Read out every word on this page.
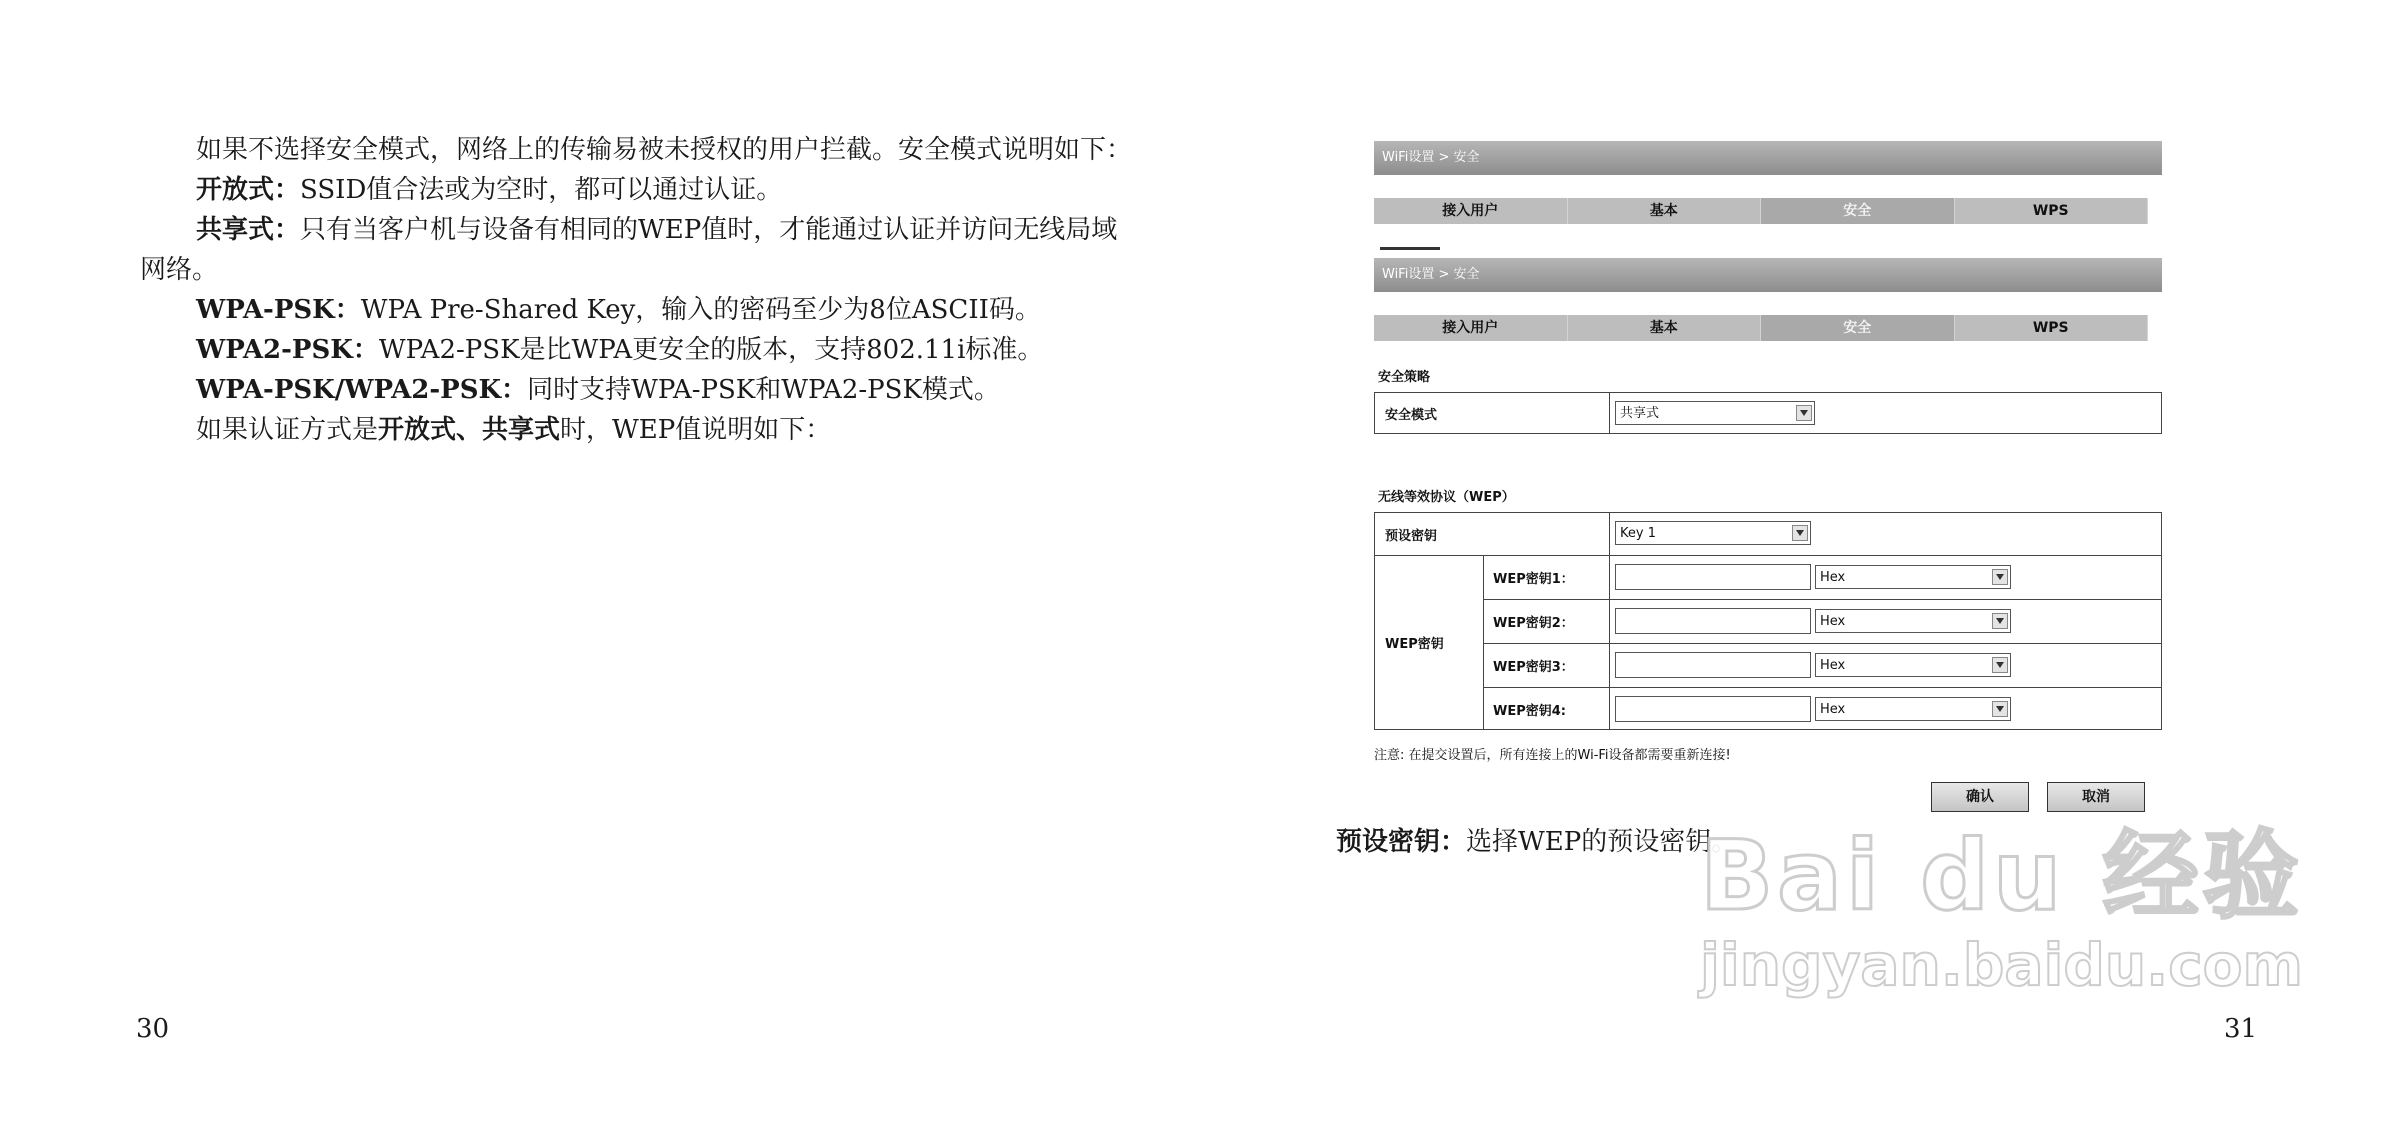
如果不选择安全模式，网络上的传输易被未授权的用户拦截。安全模式说明如下：

开放式：SSID值合法或为空时，都可以通过认证。

共享式：只有当客户机与设备有相同的WEP值时，才能通过认证并访问无线局域网络。

WPA-PSK：WPA Pre-Shared Key，输入的密码至少为8位ASCII码。

WPA2-PSK：WPA2-PSK是比WPA更安全的版本，支持802.11i标准。

WPA-PSK/WPA2-PSK：同时支持WPA-PSK和WPA2-PSK模式。

如果认证方式是开放式、共享式时，WEP值说明如下：

30
WiFi设置 > 安全
接入用户	基本	安全	WPS
WiFi设置 > 安全
接入用户	基本	安全	WPS
安全策略
安全模式	共享式
无线等效协议（WEP）
预设密钥	Key 1
WEP密钥
WEP密钥1：	Hex
WEP密钥2：	Hex
WEP密钥3：	Hex
WEP密钥4:	Hex
注意: 在提交设置后，所有连接上的Wi-Fi设备都需要重新连接!
确认	取消
预设密钥：选择WEP的预设密钥。
Bai du 经验
jingyan.baidu.com
31
